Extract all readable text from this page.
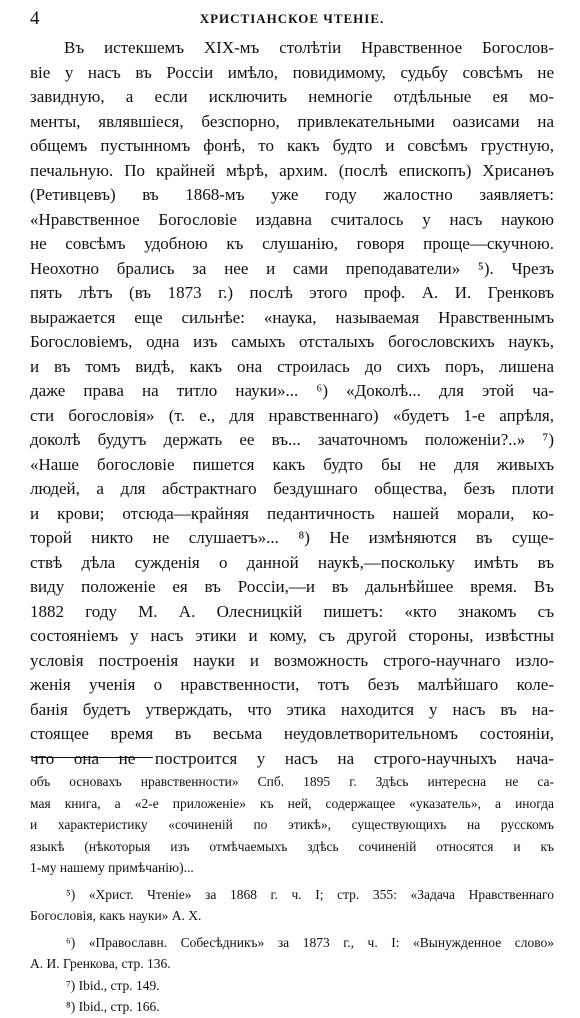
4	ХРИСТІАНСКОЕ ЧТЕНІЕ.
Въ истекшемъ XIX-мъ столѣтіи Нравственное Богослов-
віе у насъ въ Россіи имѣло, повидимому, судьбу совсѣмъ не
завидную, а если исключить немногіе отдѣльные ея мо-
менты, являвшіеся, безспорно, привлекательными оазисами на
общемъ пустынномъ фонѣ, то какъ будто и совсѣмъ грустную,
печальную. По крайней мѣрѣ, архим. (послѣ епископъ) Хрисанѳъ
(Ретивцевъ) въ 1868-мъ уже году жалостно заявляетъ:
«Нравственное Богословіе издавна считалось у насъ наукою
не совсѣмъ удобною къ слушанію, говоря проще—скучною.
Неохотно брались за нее и сами преподаватели» ⁵). Чрезъ
пять лѣтъ (въ 1873 г.) послѣ этого проф. А. И. Гренковъ
выражается еще сильнѣе: «наука, называемая Нравственнымъ
Богословіемъ, одна изъ самыхъ отсталыхъ богословскихъ наукъ,
и въ томъ видѣ, какъ она строилась до сихъ поръ, лишена
даже права на титло науки»... ⁶) «Доколѣ... для этой ча-
сти богословія» (т. е., для нравственнаго) «будетъ 1-е апрѣля,
доколѣ будутъ держать ее въ... зачаточномъ положеніи?..» ⁷)
«Наше богословіе пишется какъ будто бы не для живыхъ
людей, а для абстрактнаго бездушнаго общества, безъ плоти
и крови; отсюда—крайняя педантичность нашей морали, ко-
торой никто не слушаетъ»... ⁸) Не измѣняются въ суще-
ствѣ дѣла сужденія о данной наукѣ,—поскольку имѣть въ
виду положеніе ея въ Россіи,—и въ дальнѣйшее время. Въ
1882 году М. А. Олесницкій пишетъ: «кто знакомъ съ
состояніемъ у насъ этики и кому, съ другой стороны, извѣстны
условія построенія науки и возможность строго-научнаго изло-
женія ученія о нравственности, тотъ безъ малѣйшаго коле-
банія будетъ утверждать, что этика находится у насъ въ на-
стоящее время въ весьма неудовлетворительномъ состояніи,
что она не построится у насъ на строго-научныхъ нача-
объ основахъ нравственности» Спб. 1895 г. Здѣсь интересна не са-
мая книга, а «2-е приложеніе» къ ней, содержащее «указатель», а иногда
и характеристику «сочиненій по этикѣ», существующихъ на русскомъ
языкѣ (нѣкоторыя изъ отмѣчаемыхъ здѣсь сочиненій относятся и къ
1-му нашему примѣчанію)...
⁵) «Христ. Чтеніе» за 1868 г. ч. I; стр. 355: «Задача Нравственнаго
Богословія, какъ науки» А. Х.
⁶) «Православн. Собесѣдникъ» за 1873 г., ч. I: «Вынужденное слово»
А. И. Гренкова, стр. 136.
⁷) Ibid., стр. 149.
⁸) Ibid., стр. 166.
